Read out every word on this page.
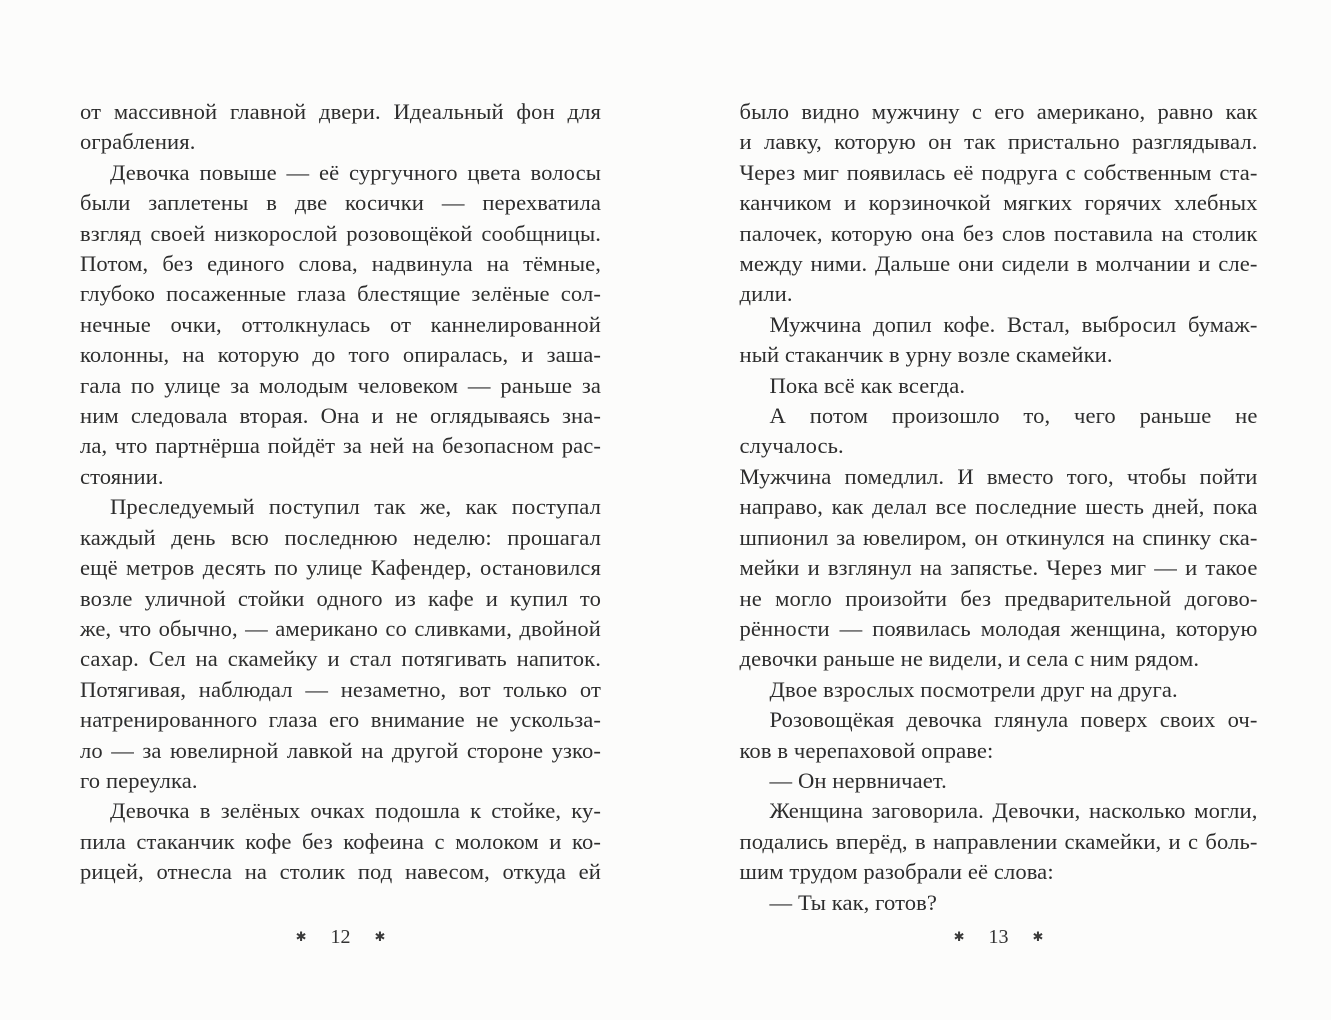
от массивной главной двери. Идеальный фон для
ограбления.
Девочка повыше — её сургучного цвета волосы
были заплетены в две косички — перехватила
взгляд своей низкорослой розовощёкой сообщницы.
Потом, без единого слова, надвинула на тёмные,
глубоко посаженные глаза блестящие зелёные сол-
нечные очки, оттолкнулась от каннелированной
колонны, на которую до того опиралась, и заша-
гала по улице за молодым человеком — раньше за
ним следовала вторая. Она и не оглядываясь зна-
ла, что партнёрша пойдёт за ней на безопасном рас-
стоянии.
Преследуемый поступил так же, как поступал
каждый день всю последнюю неделю: прошагал
ещё метров десять по улице Кафендер, остановился
возле уличной стойки одного из кафе и купил то
же, что обычно, — американо со сливками, двойной
сахар. Сел на скамейку и стал потягивать напиток.
Потягивая, наблюдал — незаметно, вот только от
натренированного глаза его внимание не ускольза-
ло — за ювелирной лавкой на другой стороне узко-
го переулка.
Девочка в зелёных очках подошла к стойке, ку-
пила стаканчик кофе без кофеина с молоком и ко-
рицей, отнесла на столик под навесом, откуда ей
✱ 12 ✱
было видно мужчину с его американо, равно как
и лавку, которую он так пристально разглядывал.
Через миг появилась её подруга с собственным ста-
канчиком и корзиночкой мягких горячих хлебных
палочек, которую она без слов поставила на столик
между ними. Дальше они сидели в молчании и сле-
дили.
Мужчина допил кофе. Встал, выбросил бумаж-
ный стаканчик в урну возле скамейки.
Пока всё как всегда.
А потом произошло то, чего раньше не случалось.
Мужчина помедлил. И вместо того, чтобы пойти
направо, как делал все последние шесть дней, пока
шпионил за ювелиром, он откинулся на спинку ска-
мейки и взглянул на запястье. Через миг — и такое
не могло произойти без предварительной догово-
рённости — появилась молодая женщина, которую
девочки раньше не видели, и села с ним рядом.
Двое взрослых посмотрели друг на друга.
Розовощёкая девочка глянула поверх своих оч-
ков в черепаховой оправе:
— Он нервничает.
Женщина заговорила. Девочки, насколько могли,
подались вперёд, в направлении скамейки, и с боль-
шим трудом разобрали её слова:
— Ты как, готов?
✱ 13 ✱
